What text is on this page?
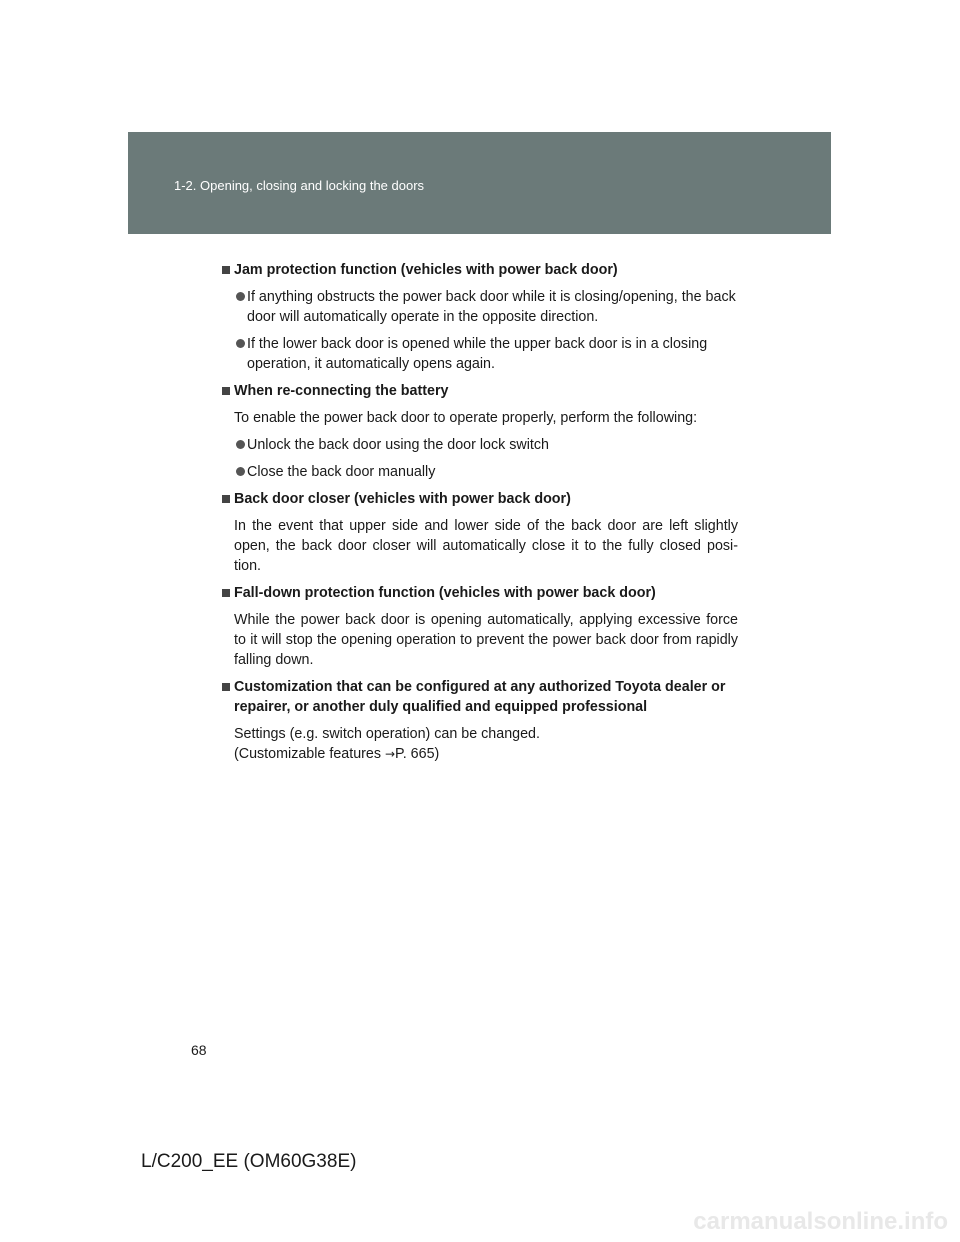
1-2. Opening, closing and locking the doors
Jam protection function (vehicles with power back door)
If anything obstructs the power back door while it is closing/opening, the back door will automatically operate in the opposite direction.
If the lower back door is opened while the upper back door is in a closing operation, it automatically opens again.
When re-connecting the battery
To enable the power back door to operate properly, perform the following:
Unlock the back door using the door lock switch
Close the back door manually
Back door closer (vehicles with power back door)
In the event that upper side and lower side of the back door are left slightly open, the back door closer will automatically close it to the fully closed posi-tion.
Fall-down protection function (vehicles with power back door)
While the power back door is opening automatically, applying excessive force to it will stop the opening operation to prevent the power back door from rapidly falling down.
Customization that can be configured at any authorized Toyota dealer or repairer, or another duly qualified and equipped professional
Settings (e.g. switch operation) can be changed.
(Customizable features →P. 665)
68
L/C200_EE (OM60G38E)
carmanualsonline.info
